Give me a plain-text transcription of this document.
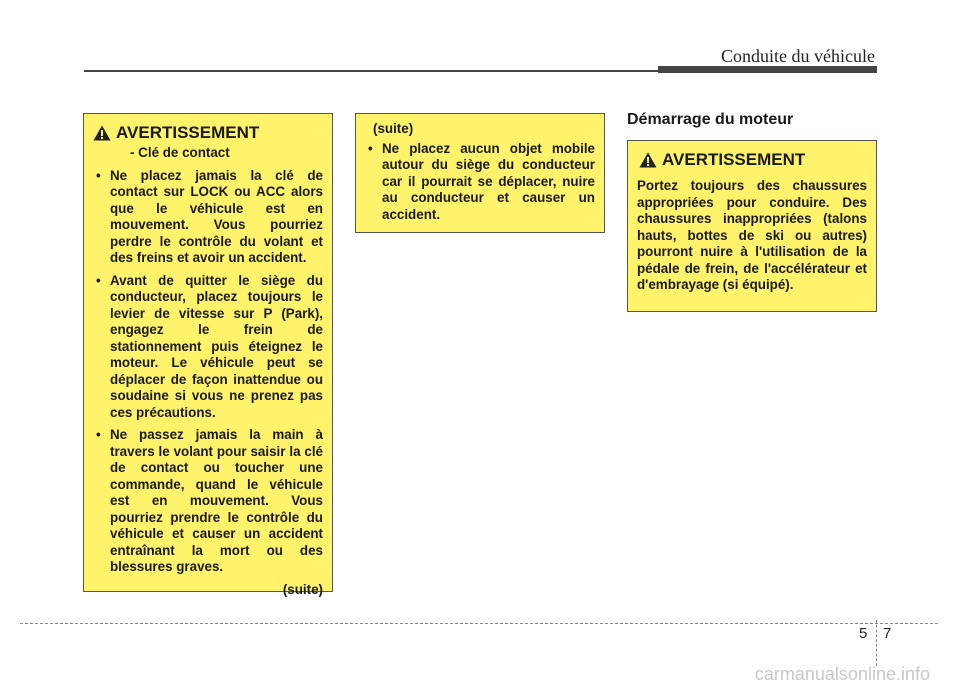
Conduite du véhicule
AVERTISSEMENT
- Clé de contact
• Ne placez jamais la clé de contact sur LOCK ou ACC alors que le véhicule est en mouvement. Vous pourriez perdre le contrôle du volant et des freins et avoir un accident.
• Avant de quitter le siège du conducteur, placez toujours le levier de vitesse sur P (Park), engagez le frein de stationnement puis éteignez le moteur. Le véhicule peut se déplacer de façon inattendue ou soudaine si vous ne prenez pas ces précautions.
• Ne passez jamais la main à travers le volant pour saisir la clé de contact ou toucher une commande, quand le véhicule est en mouvement. Vous pourriez prendre le contrôle du véhicule et causer un accident entraînant la mort ou des blessures graves.
(suite)
(suite)
• Ne placez aucun objet mobile autour du siège du conducteur car il pourrait se déplacer, nuire au conducteur et causer un accident.
Démarrage du moteur
AVERTISSEMENT
Portez toujours des chaussures appropriées pour conduire. Des chaussures inappropriées (talons hauts, bottes de ski ou autres) pourront nuire à l'utilisation de la pédale de frein, de l'accélérateur et d'embrayage (si équipé).
5 7
carmanualsonline.info
